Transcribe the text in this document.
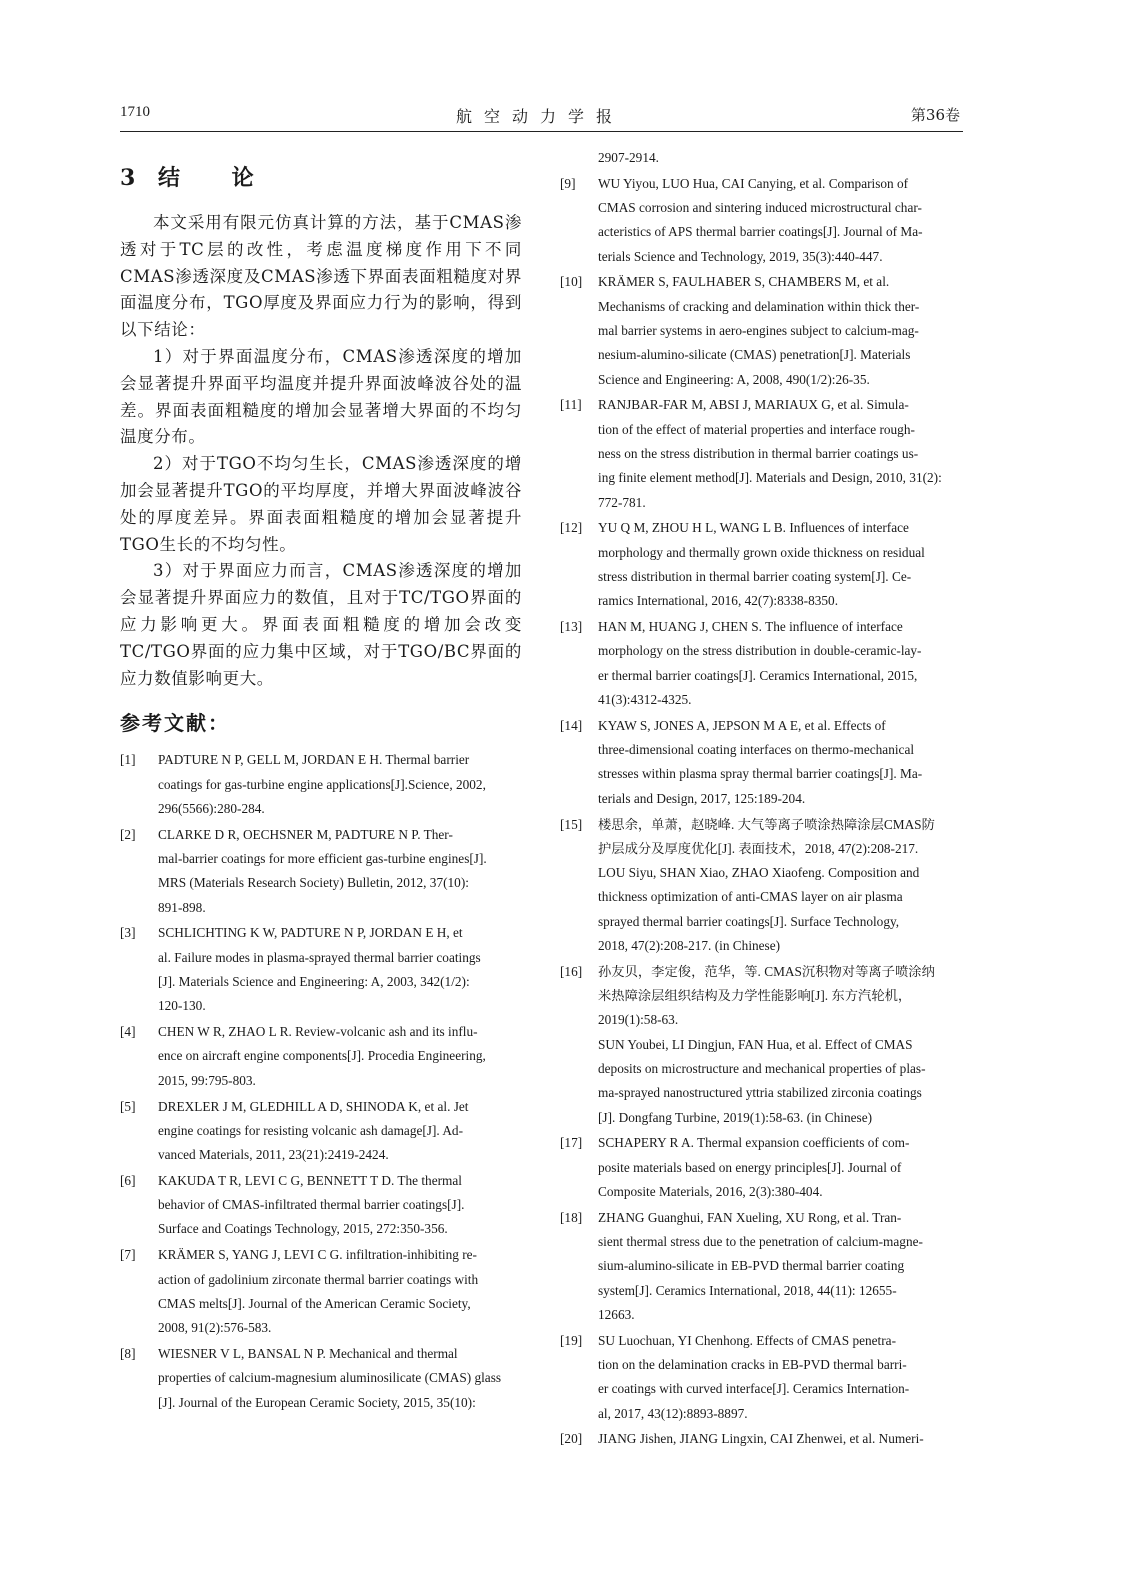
1710	航空动力学报	第36卷
3 结 论

本文采用有限元仿真计算的方法，基于CMAS渗透对于TC层的改性，考虑温度梯度作用下不同CMAS渗透深度及CMAS渗透下界面表面粗糙度对界面温度分布，TGO厚度及界面应力行为的影响，得到以下结论：

1）对于界面温度分布，CMAS渗透深度的增加会显著提升界面平均温度并提升界面波峰波谷处的温差。界面表面粗糙度的增加会显著增大界面的不均匀温度分布。

2）对于TGO不均匀生长，CMAS渗透深度的增加会显著提升TGO的平均厚度，并增大界面波峰波谷处的厚度差异。界面表面粗糙度的增加会显著提升TGO生长的不均匀性。

3）对于界面应力而言，CMAS渗透深度的增加会显著提升界面应力的数值，且对于TC/TGO界面的应力影响更大。界面表面粗糙度的增加会改变TC/TGO界面的应力集中区域，对于TGO/BC界面的应力数值影响更大。

参考文献：
[1]	PADTURE N P, GELL M, JORDAN E H. Thermal barrier
coatings for gas-turbine engine applications[J].Science, 2002,
296(5566):280-284.
[2]	CLARKE D R, OECHSNER M, PADTURE N P. Ther-
mal-barrier coatings for more efficient gas-turbine engines[J].
MRS (Materials Research Society) Bulletin, 2012, 37(10):
891-898.
[3]	SCHLICHTING K W, PADTURE N P, JORDAN E H, et
al. Failure modes in plasma-sprayed thermal barrier coatings
[J]. Materials Science and Engineering: A, 2003, 342(1/2):
120-130.
[4]	CHEN W R, ZHAO L R. Review-volcanic ash and its influ-
ence on aircraft engine components[J]. Procedia Engineering,
2015, 99:795-803.
[5]	DREXLER J M, GLEDHILL A D, SHINODA K, et al. Jet
engine coatings for resisting volcanic ash damage[J]. Ad-
vanced Materials, 2011, 23(21):2419-2424.
[6]	KAKUDA T R, LEVI C G, BENNETT T D. The thermal
behavior of CMAS-infiltrated thermal barrier coatings[J].
Surface and Coatings Technology, 2015, 272:350-356.
[7]	KRÄMER S, YANG J, LEVI C G. infiltration-inhibiting re-
action of gadolinium zirconate thermal barrier coatings with
CMAS melts[J]. Journal of the American Ceramic Society,
2008, 91(2):576-583.
[8]	WIESNER V L, BANSAL N P. Mechanical and thermal
properties of calcium-magnesium aluminosilicate (CMAS) glass
[J]. Journal of the European Ceramic Society, 2015, 35(10):
2907-2914.
[9]	WU Yiyou, LUO Hua, CAI Canying, et al. Comparison of
CMAS corrosion and sintering induced microstructural char-
acteristics of APS thermal barrier coatings[J]. Journal of Ma-
terials Science and Technology, 2019, 35(3):440-447.
[10]	KRÄMER S, FAULHABER S, CHAMBERS M, et al.
Mechanisms of cracking and delamination within thick ther-
mal barrier systems in aero-engines subject to calcium-mag-
nesium-alumino-silicate (CMAS) penetration[J]. Materials
Science and Engineering: A, 2008, 490(1/2):26-35.
[11]	RANJBAR-FAR M, ABSI J, MARIAUX G, et al. Simula-
tion of the effect of material properties and interface rough-
ness on the stress distribution in thermal barrier coatings us-
ing finite element method[J]. Materials and Design, 2010, 31(2):
772-781.
[12]	YU Q M, ZHOU H L, WANG L B. Influences of interface
morphology and thermally grown oxide thickness on residual
stress distribution in thermal barrier coating system[J]. Ce-
ramics International, 2016, 42(7):8338-8350.
[13]	HAN M, HUANG J, CHEN S. The influence of interface
morphology on the stress distribution in double-ceramic-lay-
er thermal barrier coatings[J]. Ceramics International, 2015,
41(3):4312-4325.
[14]	KYAW S, JONES A, JEPSON M A E, et al. Effects of
three-dimensional coating interfaces on thermo-mechanical
stresses within plasma spray thermal barrier coatings[J]. Ma-
terials and Design, 2017, 125:189-204.
[15]	楼思余，单萧，赵晓峰. 大气等离子喷涂热障涂层CMAS防
护层成分及厚度优化[J]. 表面技术，2018, 47(2):208-217.
LOU Siyu, SHAN Xiao, ZHAO Xiaofeng. Composition and
thickness optimization of anti-CMAS layer on air plasma
sprayed thermal barrier coatings[J]. Surface Technology,
2018, 47(2):208-217. (in Chinese)
[16]	孙友贝，李定俊，范华，等. CMAS沉积物对等离子喷涂纳
米热障涂层组织结构及力学性能影响[J]. 东方汽轮机，
2019(1):58-63.
SUN Youbei, LI Dingjun, FAN Hua, et al. Effect of CMAS
deposits on microstructure and mechanical properties of plas-
ma-sprayed nanostructured yttria stabilized zirconia coatings
[J]. Dongfang Turbine, 2019(1):58-63. (in Chinese)
[17]	SCHAPERY R A. Thermal expansion coefficients of com-
posite materials based on energy principles[J]. Journal of
Composite Materials, 2016, 2(3):380-404.
[18]	ZHANG Guanghui, FAN Xueling, XU Rong, et al. Tran-
sient thermal stress due to the penetration of calcium-magne-
sium-alumino-silicate in EB-PVD thermal barrier coating
system[J]. Ceramics International, 2018, 44(11): 12655-
12663.
[19]	SU Luochuan, YI Chenhong. Effects of CMAS penetra-
tion on the delamination cracks in EB-PVD thermal barri-
er coatings with curved interface[J]. Ceramics Internation-
al, 2017, 43(12):8893-8897.
[20]	JIANG Jishen, JIANG Lingxin, CAI Zhenwei, et al. Numeri-
